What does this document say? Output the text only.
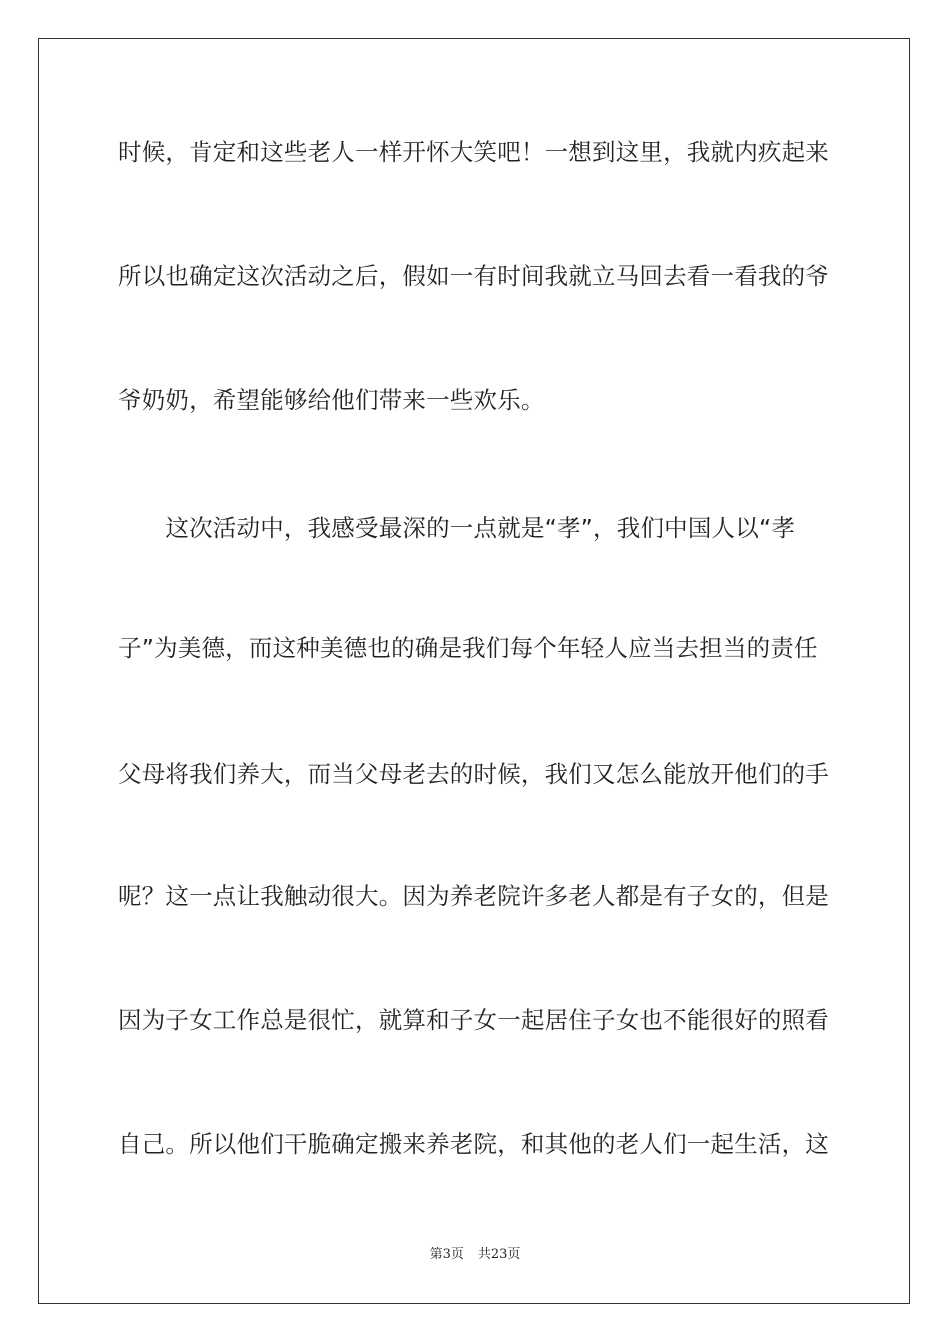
时候，肯定和这些老人一样开怀大笑吧！一想到这里，我就内疚起来
所以也确定这次活动之后，假如一有时间我就立马回去看一看我的爷
爷奶奶，希望能够给他们带来一些欢乐。
　　这次活动中，我感受最深的一点就是“孝”，我们中国人以“孝
子”为美德，而这种美德也的确是我们每个年轻人应当去担当的责任
父母将我们养大，而当父母老去的时候，我们又怎么能放开他们的手
呢？这一点让我触动很大。因为养老院许多老人都是有子女的，但是
因为子女工作总是很忙，就算和子女一起居住子女也不能很好的照看
自己。所以他们干脆确定搬来养老院，和其他的老人们一起生活，这
第3页 共23页
